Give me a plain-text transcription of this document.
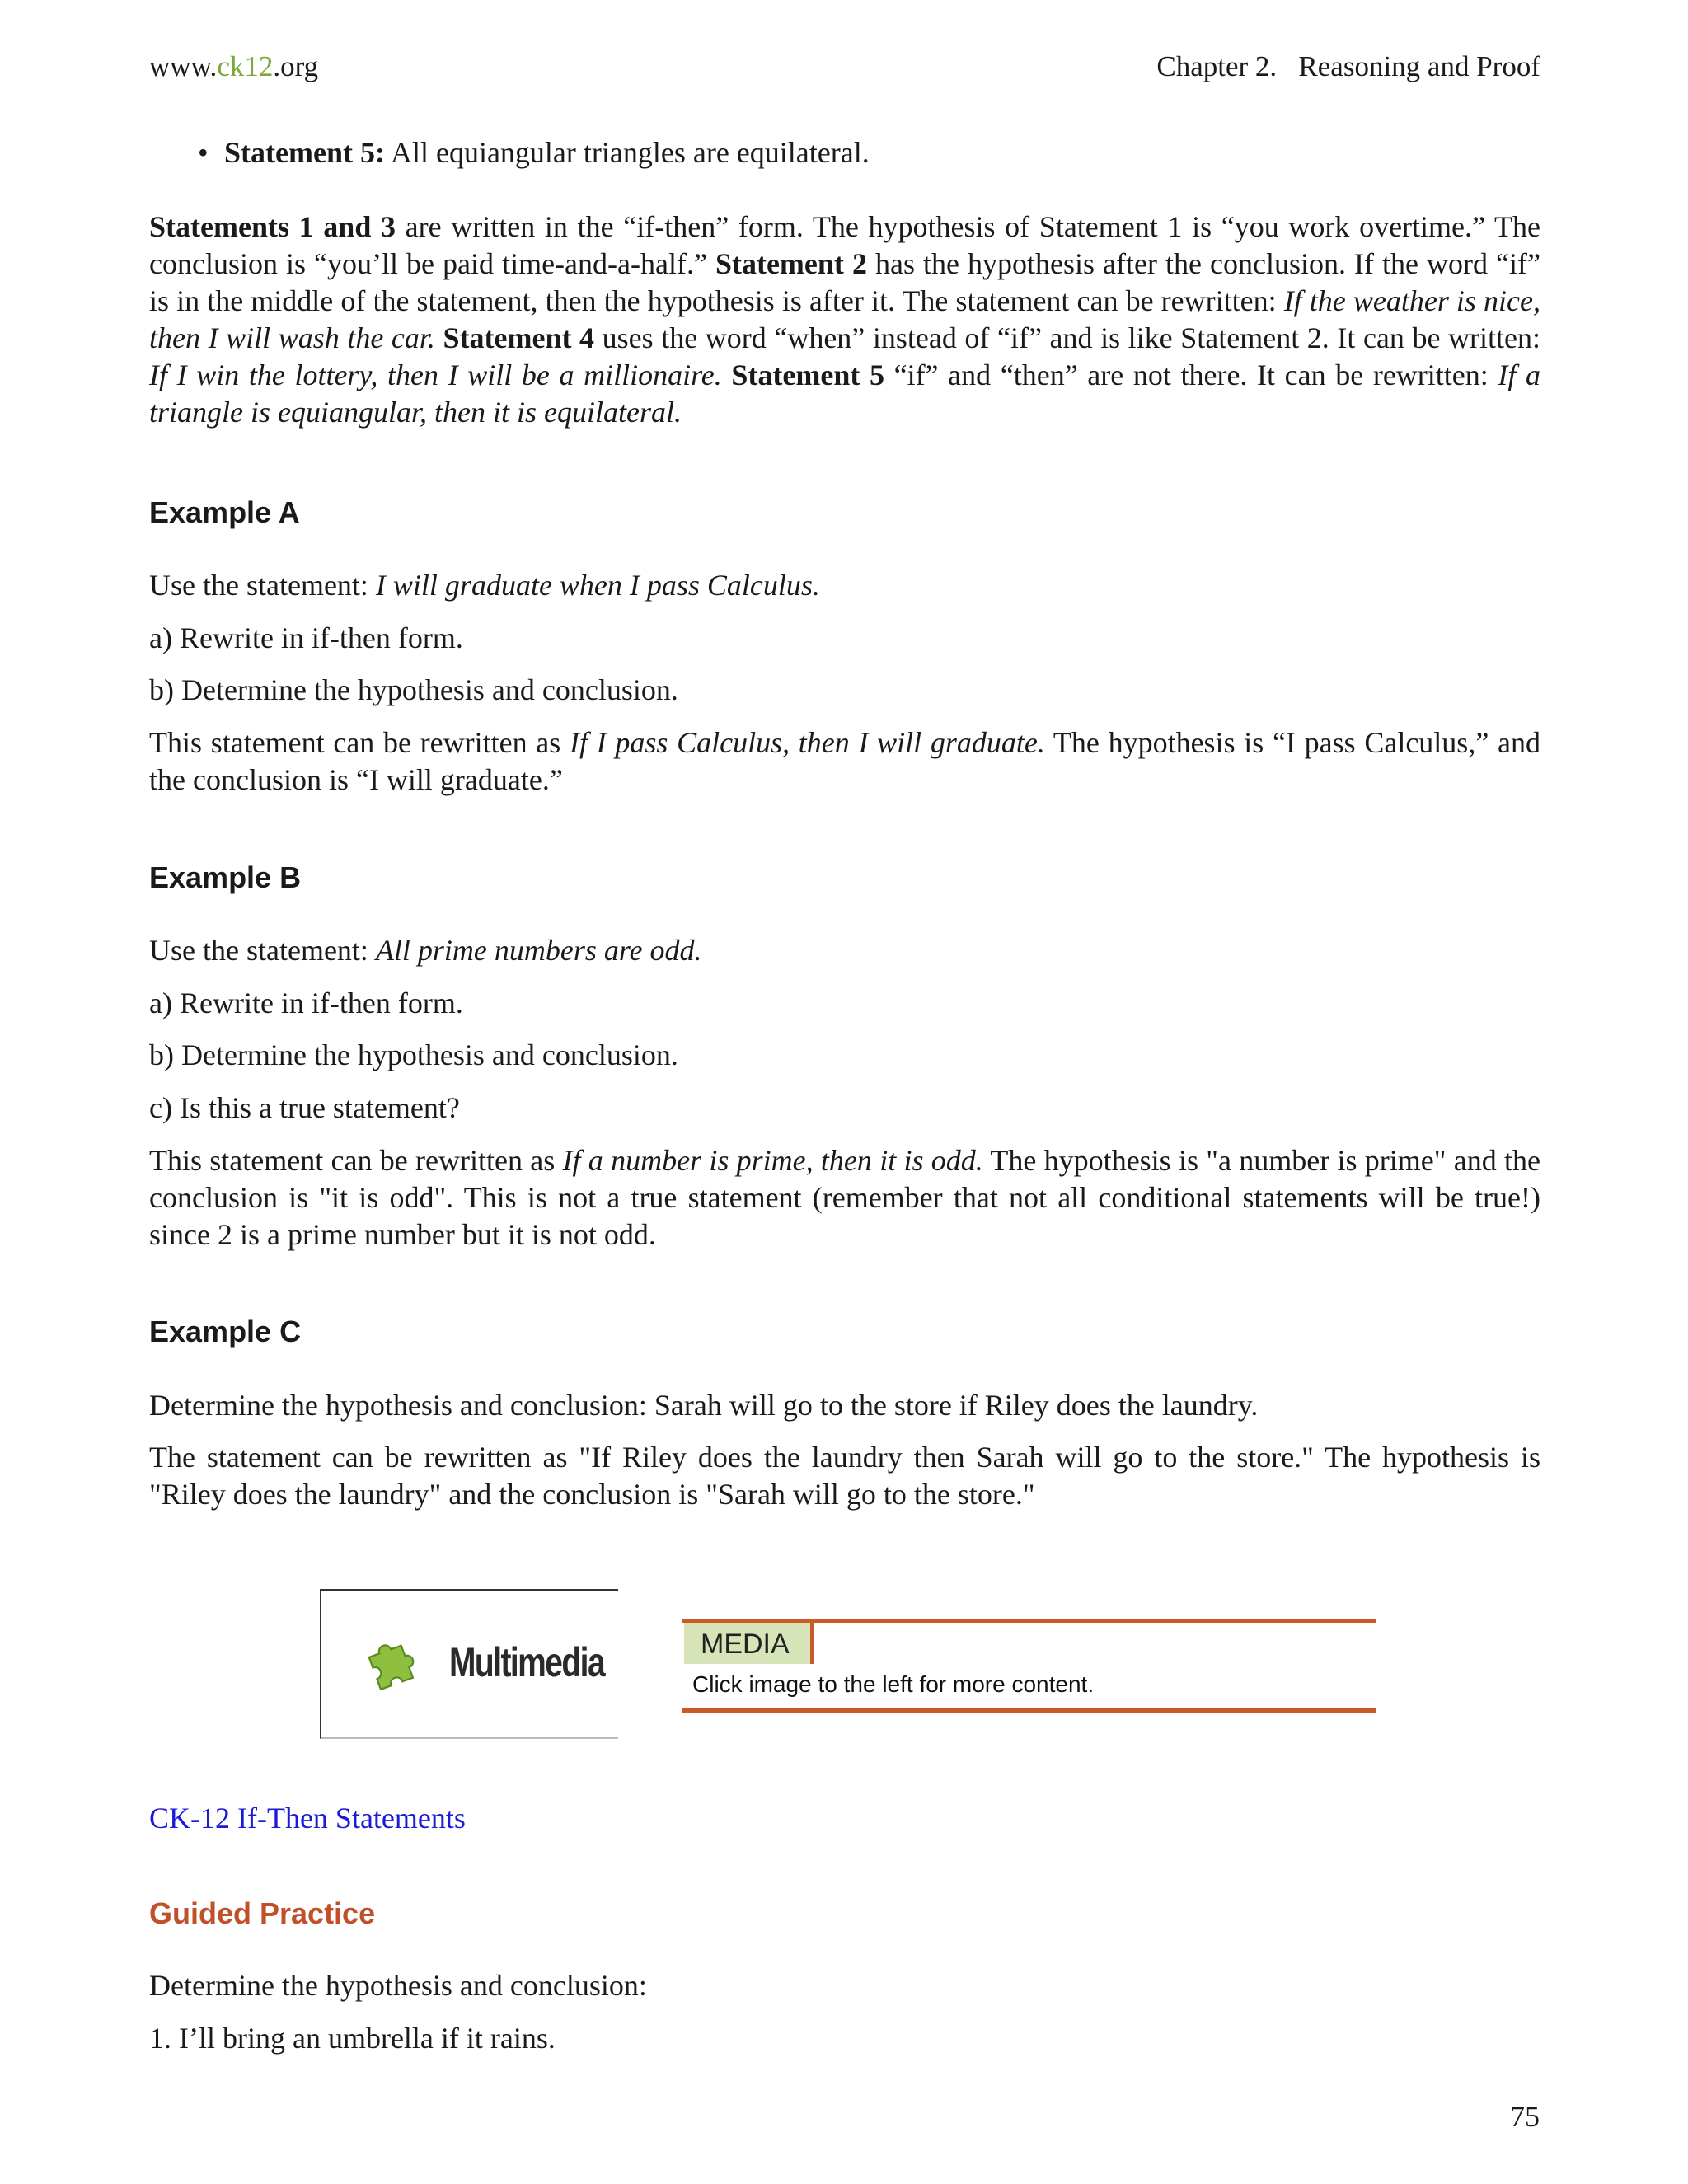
www.ck12.org	Chapter 2.   Reasoning and Proof
• Statement 5: All equiangular triangles are equilateral.

Statements 1 and 3 are written in the “if-then” form. The hypothesis of Statement 1 is “you work overtime.” The conclusion is “you’ll be paid time-and-a-half.” Statement 2 has the hypothesis after the conclusion. If the word “if” is in the middle of the statement, then the hypothesis is after it. The statement can be rewritten: If the weather is nice, then I will wash the car. Statement 4 uses the word “when” instead of “if” and is like Statement 2. It can be written: If I win the lottery, then I will be a millionaire. Statement 5 “if” and “then” are not there. It can be rewritten: If a triangle is equiangular, then it is equilateral.

Example A

Use the statement: I will graduate when I pass Calculus.

a) Rewrite in if-then form.

b) Determine the hypothesis and conclusion.

This statement can be rewritten as If I pass Calculus, then I will graduate. The hypothesis is “I pass Calculus,” and the conclusion is “I will graduate.”

Example B

Use the statement: All prime numbers are odd.

a) Rewrite in if-then form.

b) Determine the hypothesis and conclusion.

c) Is this a true statement?

This statement can be rewritten as If a number is prime, then it is odd. The hypothesis is "a number is prime" and the conclusion is "it is odd". This is not a true statement (remember that not all conditional statements will be true!) since 2 is a prime number but it is not odd.

Example C

Determine the hypothesis and conclusion: Sarah will go to the store if Riley does the laundry.

The statement can be rewritten as "If Riley does the laundry then Sarah will go to the store." The hypothesis is "Riley does the laundry" and the conclusion is "Sarah will go to the store."

Multimedia	MEDIA
Click image to the left for more content.
CK-12 If-Then Statements
Guided Practice

Determine the hypothesis and conclusion:

1. I’ll bring an umbrella if it rains.

75
